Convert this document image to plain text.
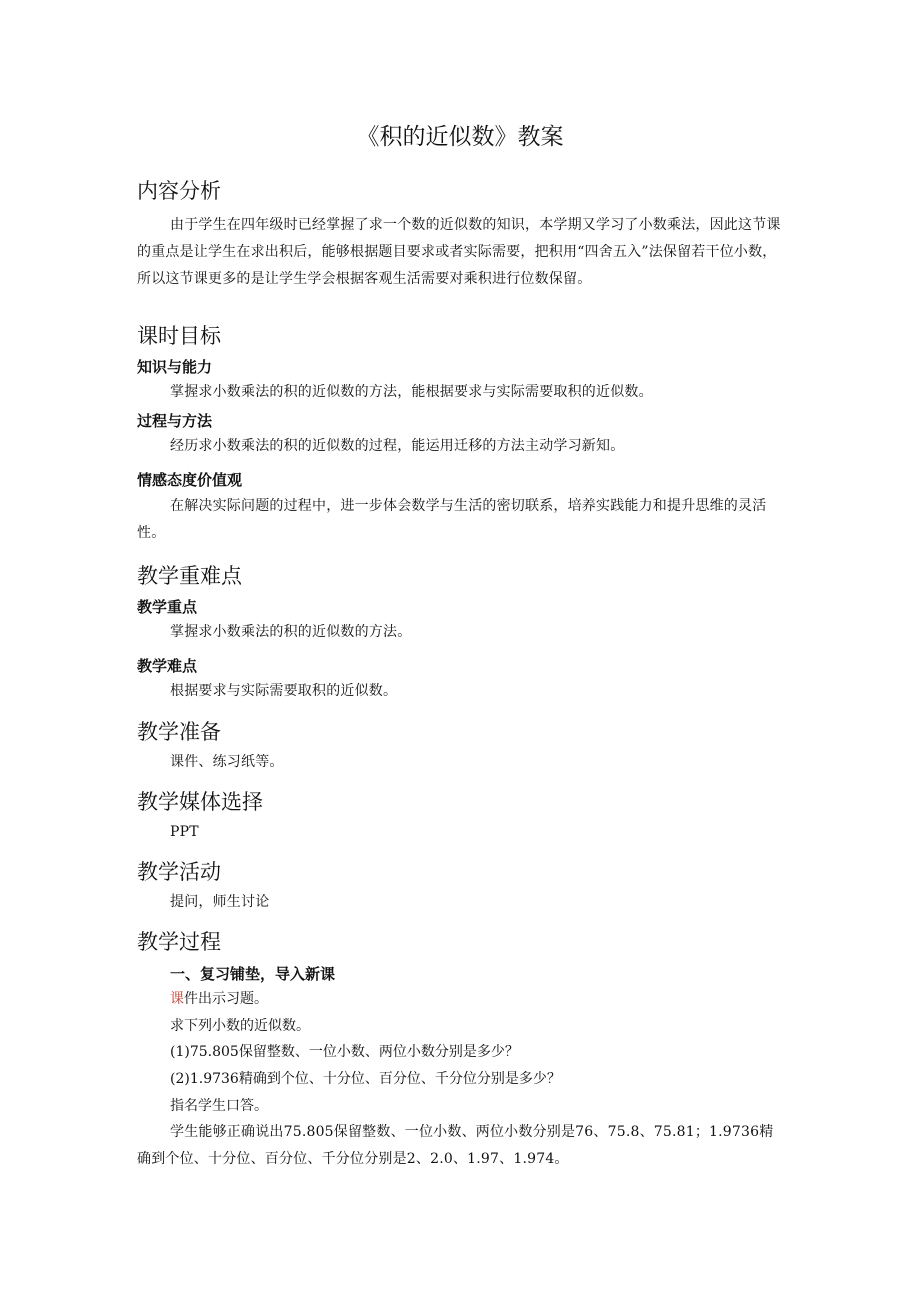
《积的近似数》教案
内容分析
由于学生在四年级时已经掌握了求一个数的近似数的知识，本学期又学习了小数乘法，因此这节课的重点是让学生在求出积后，能够根据题目要求或者实际需要，把积用“四舍五入”法保留若干位小数，所以这节课更多的是让学生学会根据客观生活需要对乘积进行位数保留。
课时目标
知识与能力
掌握求小数乘法的积的近似数的方法，能根据要求与实际需要取积的近似数。
过程与方法
经历求小数乘法的积的近似数的过程，能运用迁移的方法主动学习新知。
情感态度价值观
在解决实际问题的过程中，进一步体会数学与生活的密切联系，培养实践能力和提升思维的灵活性。
教学重难点
教学重点
掌握求小数乘法的积的近似数的方法。
教学难点
根据要求与实际需要取积的近似数。
教学准备
课件、练习纸等。
教学媒体选择
PPT
教学活动
提问，师生讨论
教学过程
一、复习铺垫，导入新课
课件出示习题。
求下列小数的近似数。
(1)75.805保留整数、一位小数、两位小数分别是多少？
(2)1.9736精确到个位、十分位、百分位、千分位分别是多少？
指名学生口答。
学生能够正确说出75.805保留整数、一位小数、两位小数分别是76、75.8、75.81；1.9736精确到个位、十分位、百分位、千分位分别是2、2.0、1.97、1.974。
